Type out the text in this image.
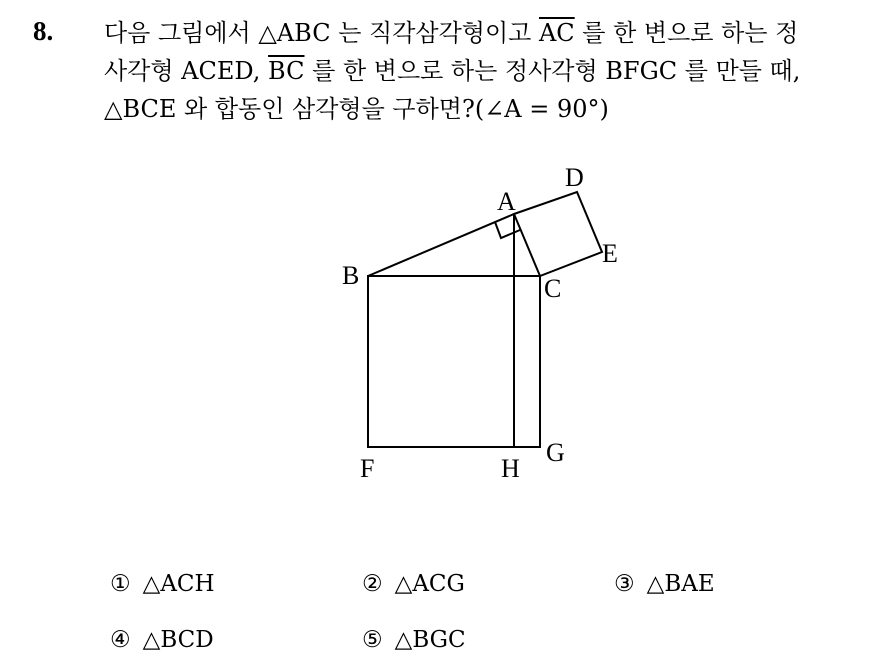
8. 다음 그림에서 △ABC 는 직각삼각형이고 $\overline{AC}$ 를 한 변으로 하는 정
사각형 ACED, $\overline{BC}$ 를 한 변으로 하는 정사각형 BFGC 를 만들 때,
△BCE 와 합동인 삼각형을 구하면?(∠A = 90°)
A
D
E
B	C
F	H
G
① △ACH	② △ACG	③ △BAE
④ △BCD	⑤ △BGC
